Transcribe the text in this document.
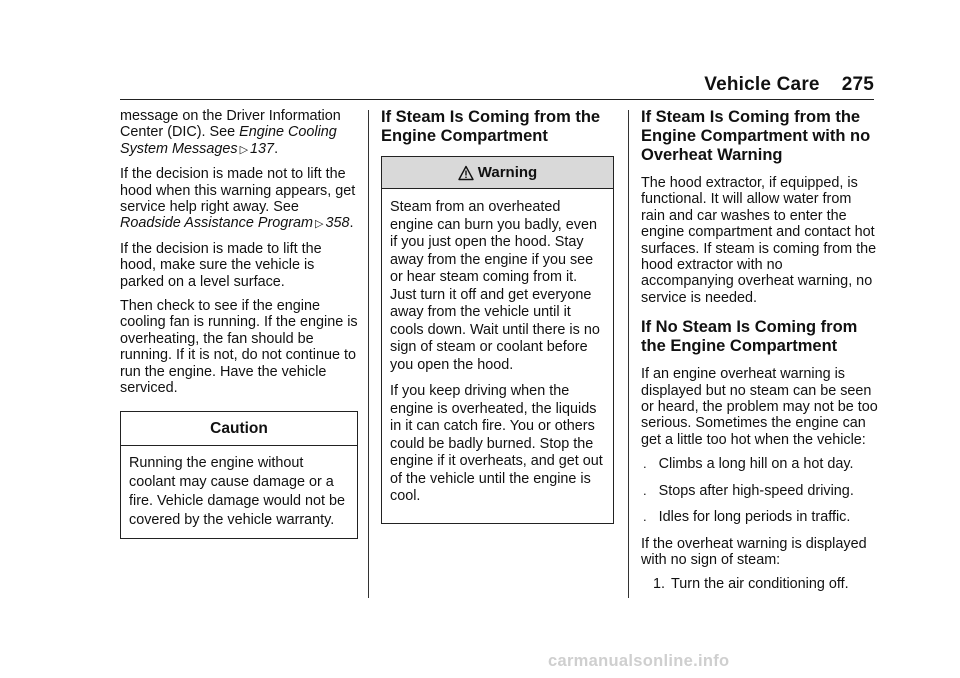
Vehicle Care 275

message on the Driver Information Center (DIC). See Engine Cooling System Messages ▷ 137.

If the decision is made not to lift the hood when this warning appears, get service help right away. See Roadside Assistance Program ▷ 358.

If the decision is made to lift the hood, make sure the vehicle is parked on a level surface.

Then check to see if the engine cooling fan is running. If the engine is overheating, the fan should be running. If it is not, do not continue to run the engine. Have the vehicle serviced.

Caution
Running the engine without coolant may cause damage or a fire. Vehicle damage would not be covered by the vehicle warranty.
If Steam Is Coming from the Engine Compartment
Warning

Steam from an overheated engine can burn you badly, even if you just open the hood. Stay away from the engine if you see or hear steam coming from it. Just turn it off and get everyone away from the vehicle until it cools down. Wait until there is no sign of steam or coolant before you open the hood.

If you keep driving when the engine is overheated, the liquids in it can catch fire. You or others could be badly burned. Stop the engine if it overheats, and get out of the vehicle until the engine is cool.

If Steam Is Coming from the Engine Compartment with no Overheat Warning

The hood extractor, if equipped, is functional. It will allow water from rain and car washes to enter the engine compartment and contact hot surfaces. If steam is coming from the hood extractor with no accompanying overheat warning, no service is needed.

If No Steam Is Coming from the Engine Compartment

If an engine overheat warning is displayed but no steam can be seen or heard, the problem may not be too serious. Sometimes the engine can get a little too hot when the vehicle:

. Climbs a long hill on a hot day.
. Stops after high-speed driving.
. Idles for long periods in traffic.

If the overheat warning is displayed with no sign of steam:

1. Turn the air conditioning off.
carmanualsonline.info
